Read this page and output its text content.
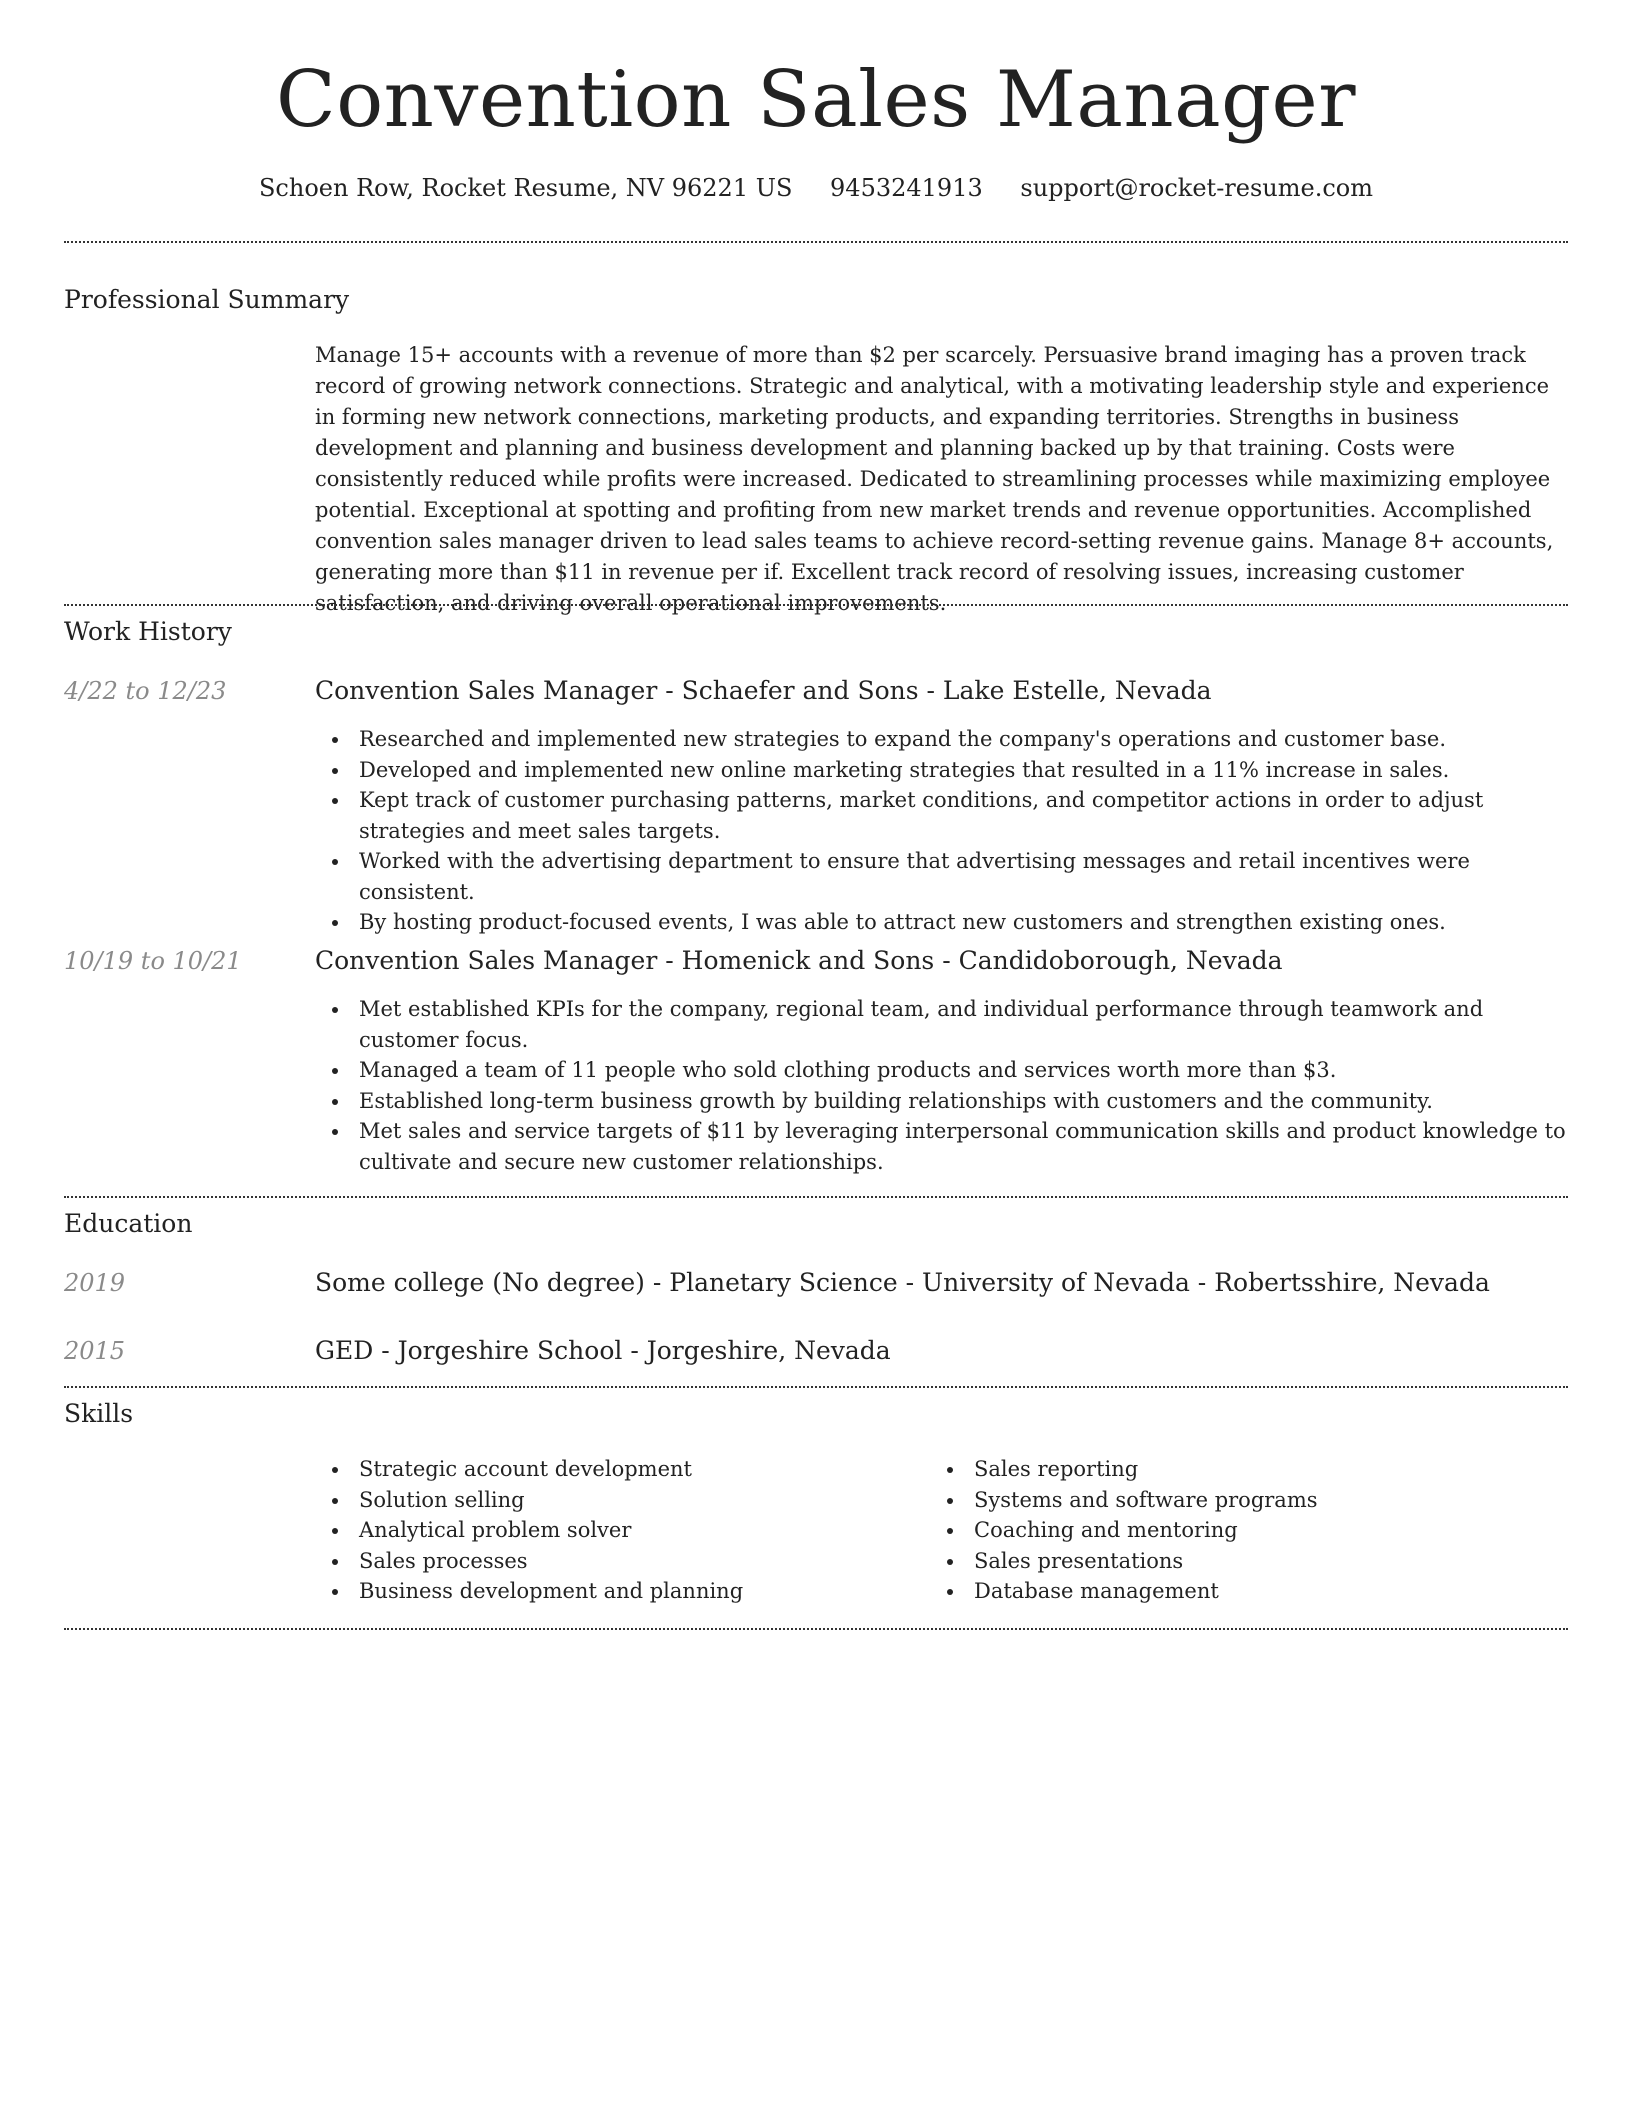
Convention Sales Manager
Schoen Row, Rocket Resume, NV 96221 US 9453241913 support@rocket-resume.com
Professional Summary
Manage 15+ accounts with a revenue of more than $2 per scarcely. Persuasive brand imaging has a proven track record of growing network connections. Strategic and analytical, with a motivating leadership style and experience in forming new network connections, marketing products, and expanding territories. Strengths in business development and planning and business development and planning backed up by that training. Costs were consistently reduced while profits were increased. Dedicated to streamlining processes while maximizing employee potential. Exceptional at spotting and profiting from new market trends and revenue opportunities. Accomplished convention sales manager driven to lead sales teams to achieve record-setting revenue gains. Manage 8+ accounts, generating more than $11 in revenue per if. Excellent track record of resolving issues, increasing customer satisfaction, and driving overall operational improvements.
Work History
4/22 to 12/23	Convention Sales Manager - Schaefer and Sons - Lake Estelle, Nevada
Researched and implemented new strategies to expand the company's operations and customer base.
Developed and implemented new online marketing strategies that resulted in a 11% increase in sales.
Kept track of customer purchasing patterns, market conditions, and competitor actions in order to adjust strategies and meet sales targets.
Worked with the advertising department to ensure that advertising messages and retail incentives were consistent.
By hosting product-focused events, I was able to attract new customers and strengthen existing ones.
10/19 to 10/21	Convention Sales Manager - Homenick and Sons - Candidoborough, Nevada
Met established KPIs for the company, regional team, and individual performance through teamwork and customer focus.
Managed a team of 11 people who sold clothing products and services worth more than $3.
Established long-term business growth by building relationships with customers and the community.
Met sales and service targets of $11 by leveraging interpersonal communication skills and product knowledge to cultivate and secure new customer relationships.
Education
2019	Some college (No degree) - Planetary Science - University of Nevada - Robertsshire, Nevada
2015	GED - Jorgeshire School - Jorgeshire, Nevada
Skills
Strategic account development
Solution selling
Analytical problem solver
Sales processes
Business development and planning
Sales reporting
Systems and software programs
Coaching and mentoring
Sales presentations
Database management
